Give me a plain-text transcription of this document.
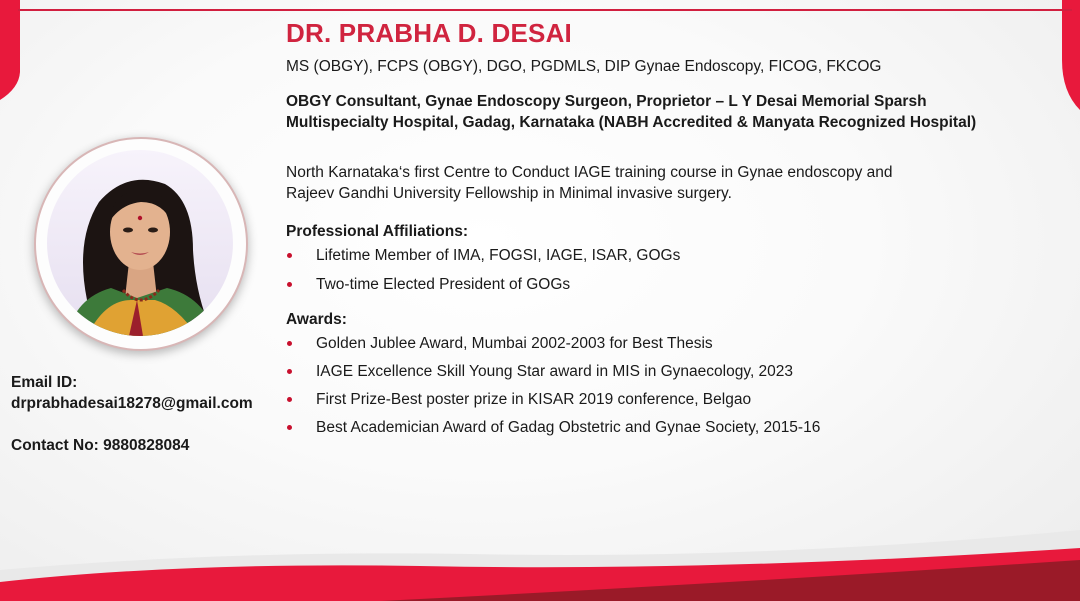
Email ID:
drprabhadesai18278@gmail.com
Contact No: 9880828084
DR. PRABHA D. DESAI
MS (OBGY), FCPS (OBGY), DGO, PGDMLS, DIP Gynae Endoscopy, FICOG, FKCOG
OBGY Consultant, Gynae Endoscopy Surgeon, Proprietor – L Y Desai Memorial Sparsh
Multispecialty Hospital, Gadag, Karnataka (NABH Accredited & Manyata Recognized Hospital)
North Karnataka‘s first Centre to Conduct IAGE training course in Gynae endoscopy and
Rajeev Gandhi University Fellowship in Minimal invasive surgery.
Professional Affiliations:
Lifetime Member of IMA, FOGSI, IAGE, ISAR, GOGs
Two-time Elected President of GOGs
Awards:
Golden Jublee Award, Mumbai 2002-2003 for Best Thesis
IAGE Excellence Skill Young Star award in MIS in Gynaecology, 2023
First Prize-Best poster prize in KISAR 2019 conference, Belgao
Best Academician Award of Gadag Obstetric and Gynae Society, 2015-16
